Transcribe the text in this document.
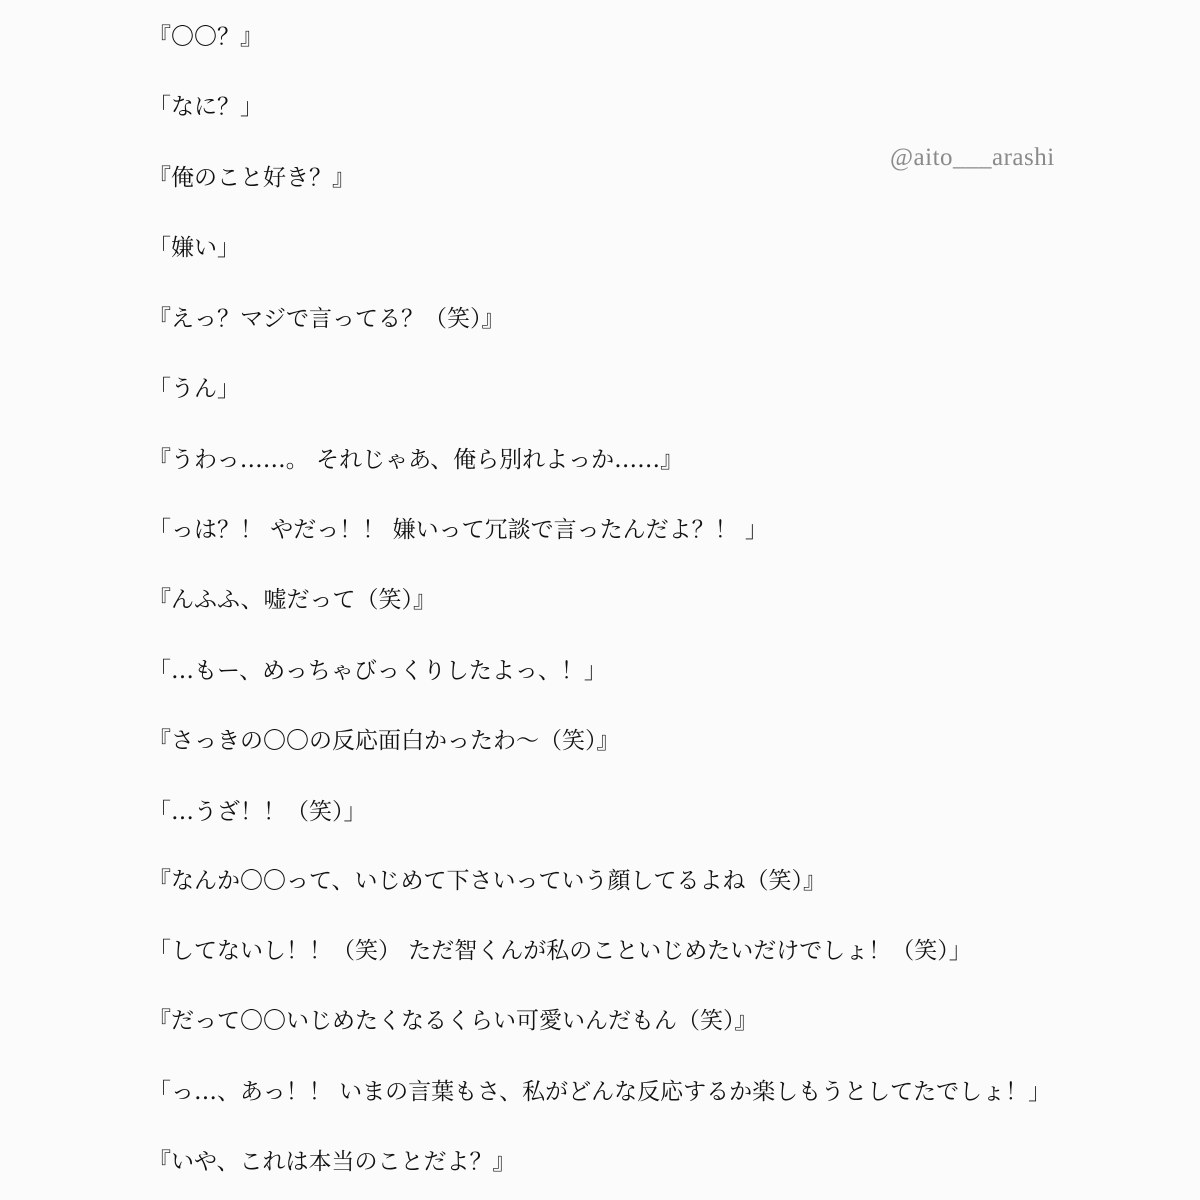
@aito___arashi
『〇〇？』
「なに？」
『俺のこと好き？』
「嫌い」
『えっ？マジで言ってる？（笑）』
「うん」
『うわっ……。 それじゃあ、俺ら別れよっか……』
「っは？！ やだっ！！ 嫌いって冗談で言ったんだよ？！ 」
『んふふ、嘘だって（笑）』
「…もー、めっちゃびっくりしたよっ、！」
『さっきの〇〇の反応面白かったわ〜（笑）』
「…うざ！！（笑）」
『なんか〇〇って、いじめて下さいっていう顔してるよね（笑）』
「してないし！！（笑） ただ智くんが私のこといじめたいだけでしょ！（笑）」
『だって〇〇いじめたくなるくらい可愛いんだもん（笑）』
「っ…、あっ！！ いまの言葉もさ、私がどんな反応するか楽しもうとしてたでしょ！」
『いや、これは本当のことだよ？』
